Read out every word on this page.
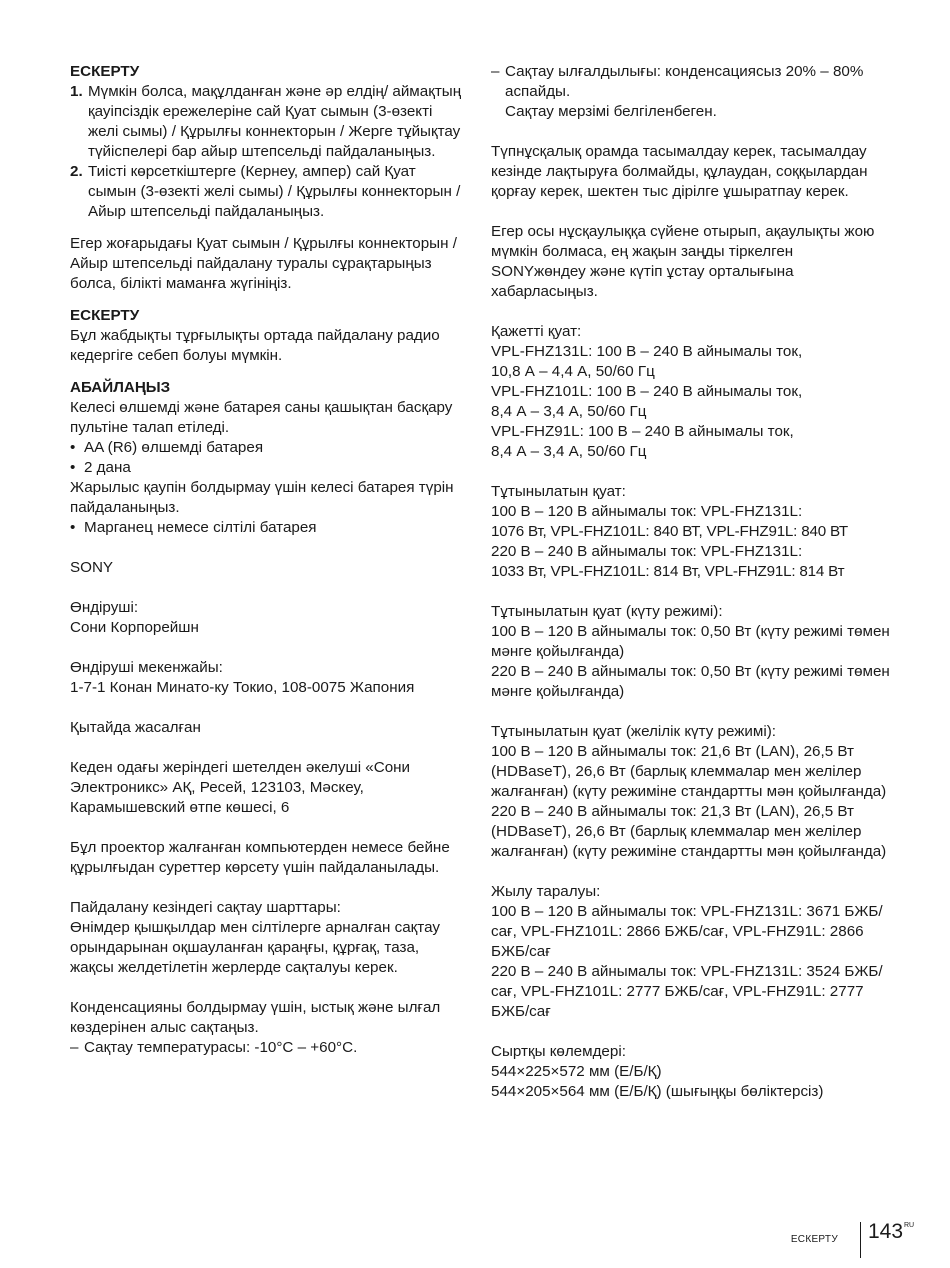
ЕСКЕРТУ

1. Мүмкін болса, мақұлданған және әр елдің/ аймақтың қауіпсіздік ережелеріне сай Қуат сымын (3-өзекті желі сымы) / Құрылғы коннекторын / Жерге тұйықтау түйіспелері бар айыр штепсельді пайдаланыңыз.
2. Тиісті көрсеткіштерге (Кернеу, ампер) сай Қуат сымын (3-өзекті желі сымы) / Құрылғы коннекторын / Айыр штепсельді пайдаланыңыз.

Егер жоғарыдағы Қуат сымын / Құрылғы коннекторын / Айыр штепсельді пайдалану туралы сұрақтарыңыз болса, білікті маманға жүгініңіз.

ЕСКЕРТУ

Бұл жабдықты тұрғылықты ортада пайдалану радио кедергіге себеп болуы мүмкін.

АБАЙЛАҢЫЗ

Келесі өлшемді және батарея саны қашықтан басқару пультіне талап етіледі.

• AA (R6) өлшемді батарея
• 2 дана

Жарылыс қаупін болдырмау үшін келесі батарея түрін пайдаланыңыз.

• Марганец немесе сілтілі батарея

SONY

Өндіруші:

Сони Корпорейшн

Өндіруші мекенжайы:

1-7-1 Конан Минато-ку Токио, 108-0075 Жапония

Қытайда жасалған

Кеден одағы жеріндегі шетелден әкелуші «Сони Электроникс» АҚ, Ресей, 123103, Мәскеу, Карамышевский өтпе көшесі, 6

Бұл проектор жалғанған компьютерден немесе бейне құрылғыдан суреттер көрсету үшін пайдаланылады.

Пайдалану кезіндегі сақтау шарттары:

Өнімдер қышқылдар мен сілтілерге арналған сақтау орындарынан оқшауланған қараңғы, құрғақ, таза, жақсы желдетілетін жерлерде сақталуы керек.

Конденсацияны болдырмау үшін, ыстық және ылғал көздерінен алыс сақтаңыз.

– Сақтау температурасы: -10°C – +60°C.
– Сақтау ылғалдылығы: конденсациясыз 20% – 80% аспайды.

Сақтау мерзімі белгіленбеген.

Түпнұсқалық орамда тасымалдау керек, тасымалдау кезінде лақтыруға болмайды, құлаудан, соққылардан қорғау керек, шектен тыс дірілге ұшыратпау керек.

Егер осы нұсқаулыққа сүйене отырып, ақаулықты жою мүмкін болмаса, ең жақын заңды тіркелген SONYжөндеу және күтіп ұстау орталығына хабарласыңыз.

Қажетті қуат:

VPL-FHZ131L: 100 В – 240 В айнымалы ток,

10,8 А – 4,4 А, 50/60 Гц

VPL-FHZ101L: 100 В – 240 В айнымалы ток,

8,4 А – 3,4 А, 50/60 Гц

VPL-FHZ91L: 100 В – 240 В айнымалы ток,

8,4 А – 3,4 А, 50/60 Гц

Тұтынылатын қуат:

100 В – 120 В айнымалы ток: VPL-FHZ131L:

1076 Вт, VPL-FHZ101L: 840 ВТ, VPL-FHZ91L: 840 ВТ

220 В – 240 В айнымалы ток: VPL-FHZ131L:

1033 Вт, VPL-FHZ101L: 814 Вт, VPL-FHZ91L: 814 Вт

Тұтынылатын қуат (күту режимі):

100 В – 120 В айнымалы ток: 0,50 Вт (күту режимі төмен мәнге қойылғанда)

220 В – 240 В айнымалы ток: 0,50 Вт (күту режимі төмен мәнге қойылғанда)

Тұтынылатын қуат (желілік күту режимі):

100 В – 120 В айнымалы ток: 21,6 Вт (LAN), 26,5 Вт (HDBaseT), 26,6 Вт (барлық клеммалар мен желілер жалғанған) (күту режиміне стандартты мән қойылғанда)

220 В – 240 В айнымалы ток: 21,3 Вт (LAN), 26,5 Вт (HDBaseT), 26,6 Вт (барлық клеммалар мен желілер жалғанған) (күту режиміне стандартты мән қойылғанда)

Жылу таралуы:

100 В – 120 В айнымалы ток: VPL-FHZ131L: 3671 БЖБ/сағ, VPL-FHZ101L: 2866 БЖБ/сағ, VPL-FHZ91L: 2866 БЖБ/сағ

220 В – 240 В айнымалы ток: VPL-FHZ131L: 3524 БЖБ/сағ, VPL-FHZ101L: 2777 БЖБ/сағ, VPL-FHZ91L: 2777 БЖБ/сағ

Сыртқы көлемдері:

544×225×572 мм (Е/Б/Қ)

544×205×564 мм (Е/Б/Қ) (шығыңқы бөліктерсіз)

ЕСКЕРТУ 143 RU
